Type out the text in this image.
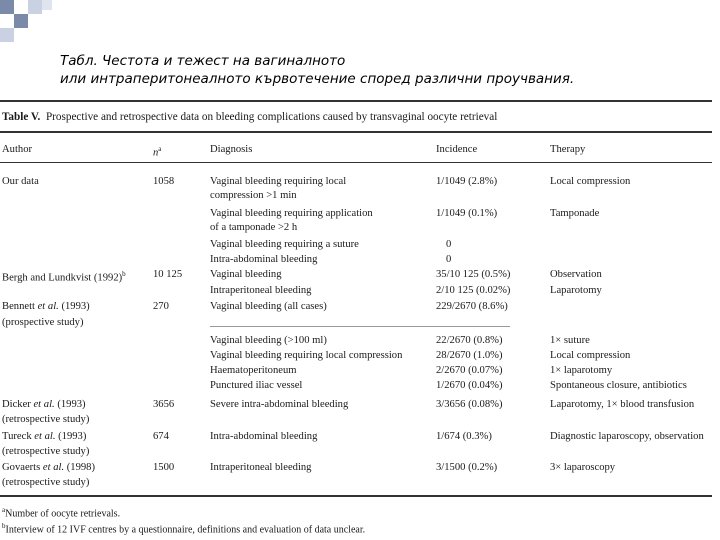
Табл. Честота и тежест на вагиналното
или интраперитонеалното кървотечение според различни проучвания.
Table V. Prospective and retrospective data on bleeding complications caused by transvaginal oocyte retrieval
Author	$n^a$	Diagnosis	Incidence	Therapy
Our data	1058	Vaginal bleeding requiring local	1/1049 (2.8%)	Local compression
compression >1 min
Vaginal bleeding requiring application	1/1049 (0.1%)	Tamponade
of a tamponade >2 h
Vaginal bleeding requiring a suture	0
Intra-abdominal bleeding	0
Bergh and Lundkvist $(1992)^b$	10 125	Vaginal bleeding	35/10 125 (0.5%)	Observation
Intraperitoneal bleeding	2/10 125 (0.02%)	Laparotomy
Bennett et al. (1993)	270	Vaginal bleeding (all cases)	229/2670 (8.6%)
(prospective study)
Vaginal bleeding (>100 ml)	22/2670 (0.8%)	1× suture
Vaginal bleeding requiring local compression	28/2670 (1.0%)	Local compression
Haematoperitoneum	2/2670 (0.07%)	1× laparotomy
Punctured iliac vessel	1/2670 (0.04%)	Spontaneous closure, antibiotics
Dicker et al. (1993)	3656	Severe intra-abdominal bleeding	3/3656 (0.08%)	Laparotomy, 1× blood transfusion
(retrospective study)
Tureck et al. (1993)	674	Intra-abdominal bleeding	1/674 (0.3%)	Diagnostic laparoscopy, observation
(retrospective study)
Govaerts et al. (1998)	1500	Intraperitoneal bleeding	3/1500 (0.2%)	3× laparoscopy
(retrospective study)
$^a$Number of oocyte retrievals.
$^b$Interview of 12 IVF centres by a questionnaire, definitions and evaluation of data unclear.
